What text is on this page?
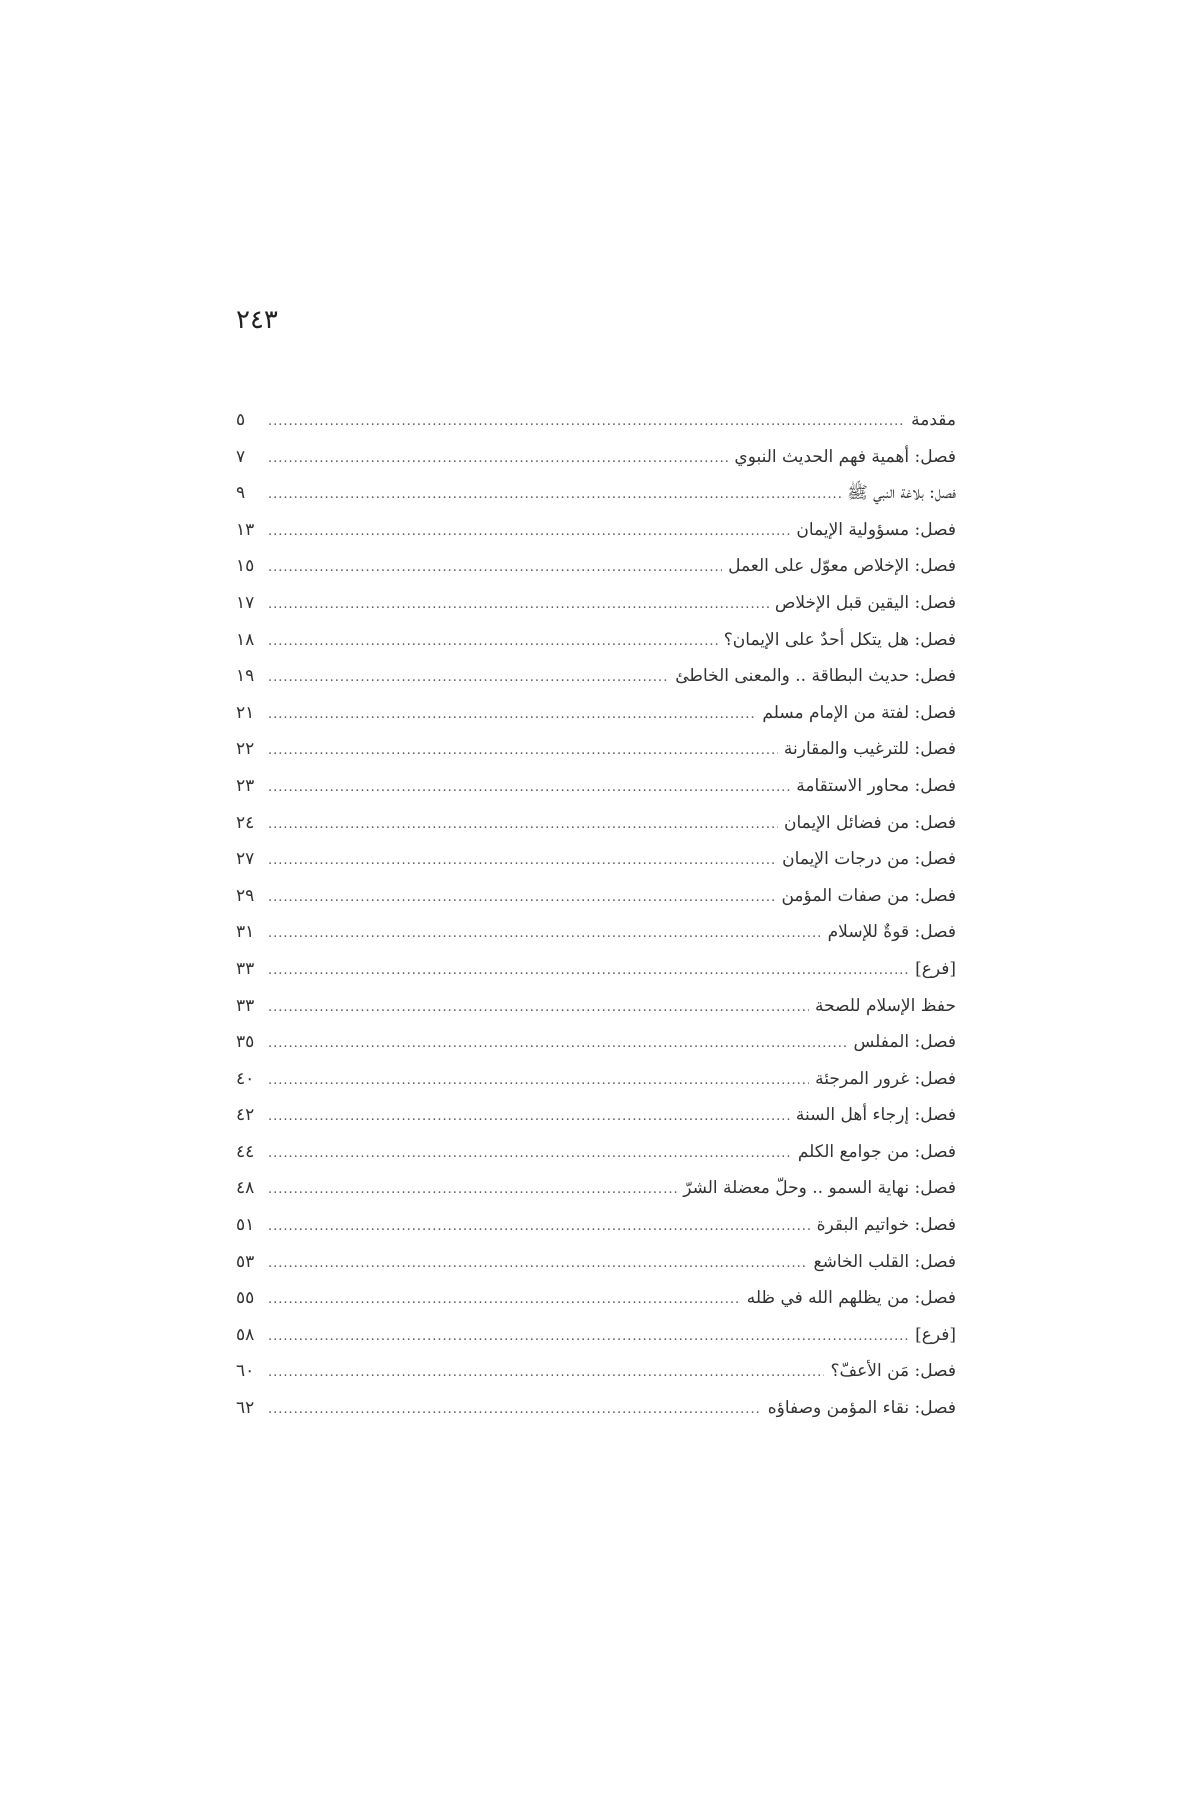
٢٤٣
مقدمة
.....
٥
فصل: أهمية فهم الحديث النبوي
.....
٧
فصل: بلاغة النبي ﷺ
.....
٩
فصل: مسؤولية الإيمان
.....
١٣
فصل: الإخلاص معوّل على العمل
.....
١٥
فصل: اليقين قبل الإخلاص
.....
١٧
فصل: هل يتكل أحدٌ على الإيمان؟
.....
١٨
فصل: حديث البطاقة .. والمعنى الخاطئ
.....
١٩
فصل: لفتة من الإمام مسلم
.....
٢١
فصل: للترغيب والمقارنة
.....
٢٢
فصل: محاور الاستقامة
.....
٢٣
فصل: من فضائل الإيمان
.....
٢٤
فصل: من درجات الإيمان
.....
٢٧
فصل: من صفات المؤمن
.....
٢٩
فصل: قوةٌ للإسلام
.....
٣١
[فرع]
.....
٣٣
حفظ الإسلام للصحة
.....
٣٣
فصل: المفلس
.....
٣٥
فصل: غرور المرجئة
.....
٤٠
فصل: إرجاء أهل السنة
.....
٤٢
فصل: من جوامع الكلم
.....
٤٤
فصل: نهاية السمو .. وحلّ معضلة الشرّ
.....
٤٨
فصل: خواتيم البقرة
.....
٥١
فصل: القلب الخاشع
.....
٥٣
فصل: من يظلهم الله في ظله
.....
٥٥
[فرع]
.....
٥٨
فصل: مَن الأعفّ؟
.....
٦٠
فصل: نقاء المؤمن وصفاؤه
.....
٦٢
